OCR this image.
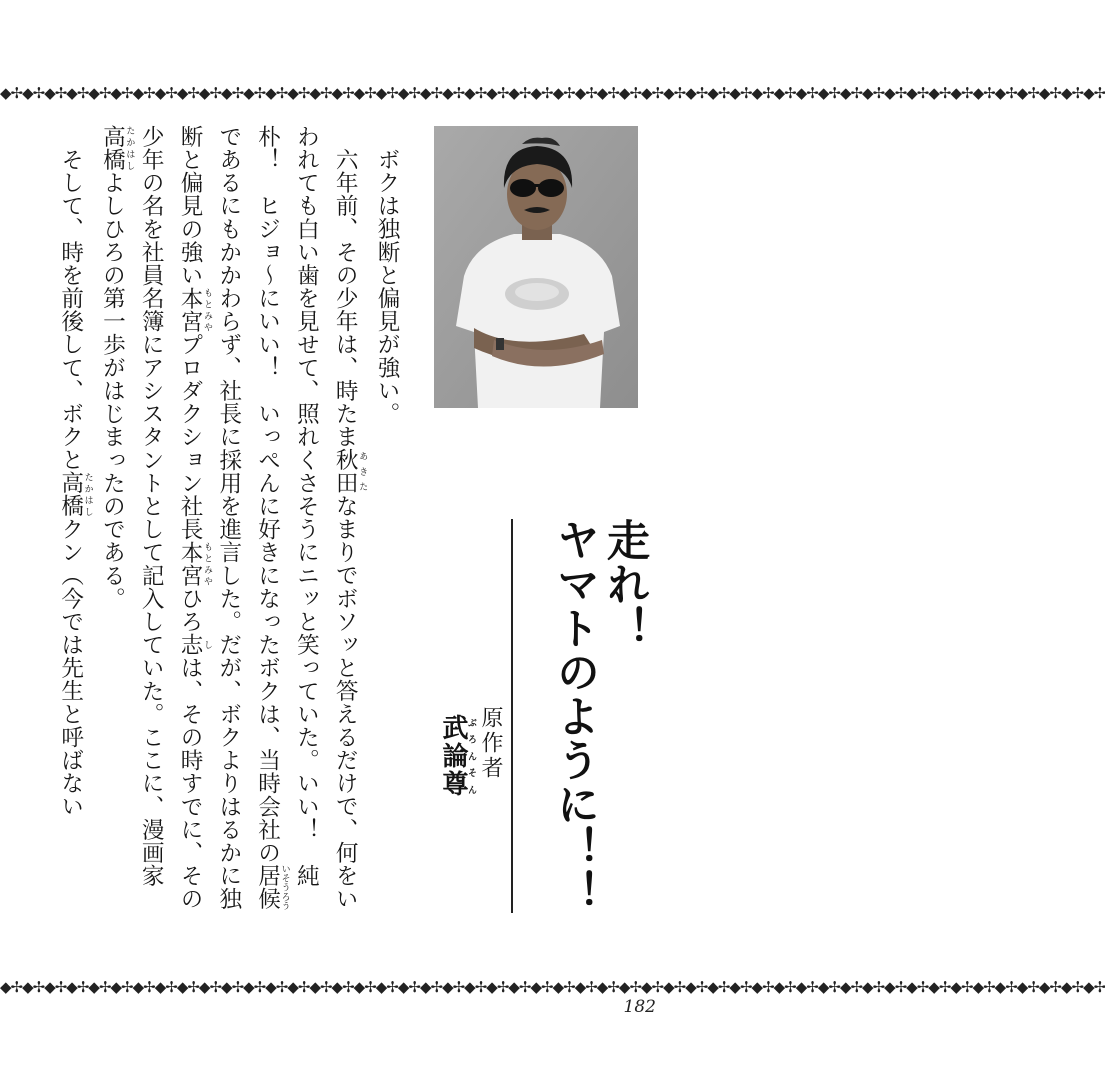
◆✢◆✢◆✢◆✢◆✢◆✢◆✢◆✢◆✢◆✢◆✢◆✢◆✢◆✢◆✢◆✢◆✢◆✢◆✢◆✢◆✢◆✢◆✢◆✢◆✢◆✢◆✢◆✢◆✢◆✢◆✢◆✢◆✢◆✢◆✢◆✢◆✢◆✢◆✢◆✢◆✢◆✢◆✢◆✢◆✢◆✢◆✢◆✢◆✢◆✢

ボクは独断と偏見が強い。

六年前、その少年は、時たま秋田 あきたなまりでボソッと答えるだけで、何をいわれても白い歯を見せて、照れくさそうにニッと笑っていた。いい！　純朴！　ヒジョ〜にいい！　いっぺんに好きになったボクは、当時会社の居候 いそうろうであるにもかかわらず、社長に採用を進言した。だが、ボクよりはるかに独断と偏見の強い本宮 もとみやプロダクション社長本宮 もとみやひろ志 しは、その時すでに、その少年の名を社員名簿にアシスタントとして記入していた。ここに、漫画家高橋 たかはしよしひろの第一歩がはじまったのである。

そして、時を前後して、ボクと高橋 たかはしクン（今では先生と呼ばない	走れ！
ヤマトのように！！
原作者
武論尊ぶろんそん
◆✢◆✢◆✢◆✢◆✢◆✢◆✢◆✢◆✢◆✢◆✢◆✢◆✢◆✢◆✢◆✢◆✢◆✢◆✢◆✢◆✢◆✢◆✢◆✢◆✢◆✢◆✢◆✢◆✢◆✢◆✢◆✢◆✢◆✢◆✢◆✢◆✢◆✢◆✢◆✢◆✢◆✢◆✢◆✢◆✢◆✢◆✢◆✢◆✢◆✢
182
